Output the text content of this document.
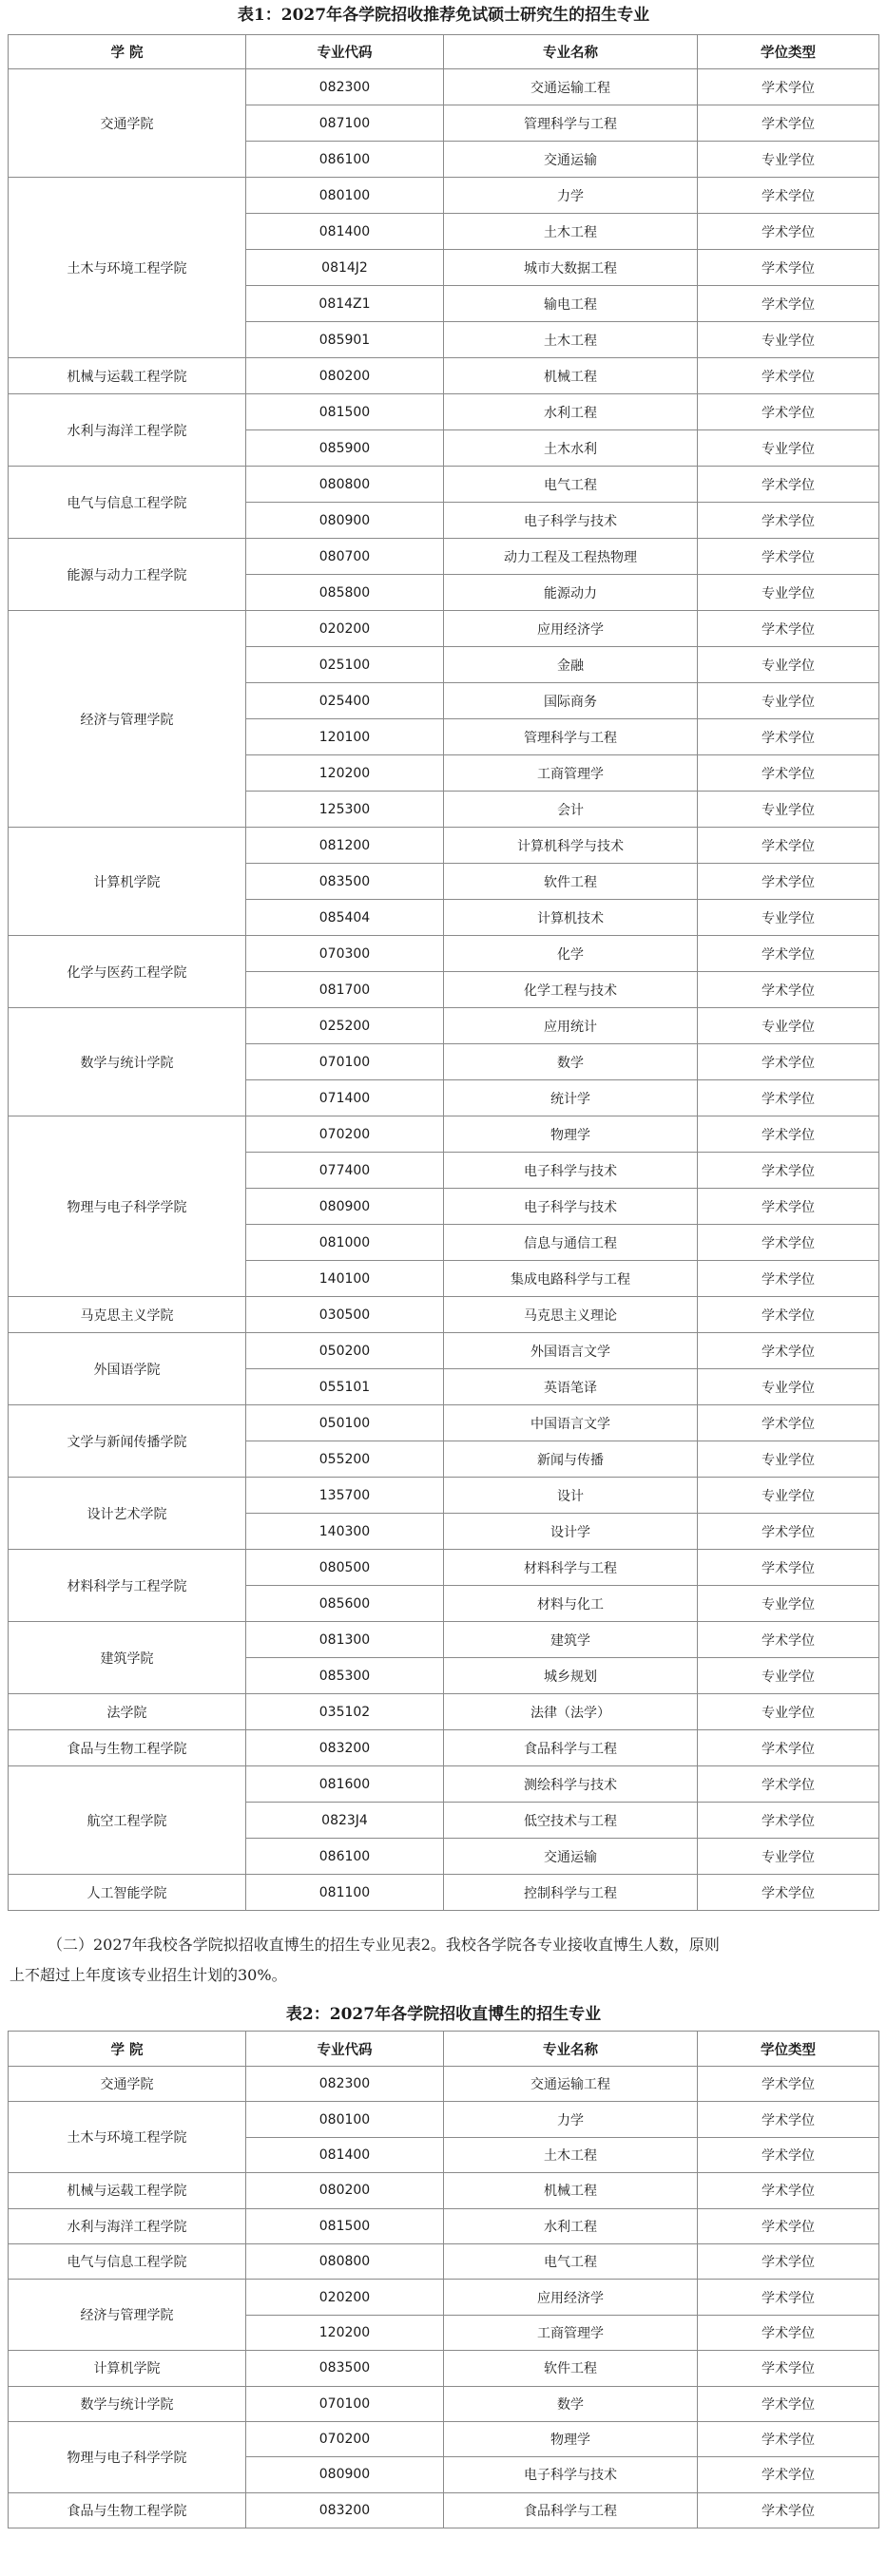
表1：2027年各学院招收推荐免试硕士研究生的招生专业
学 院	专业代码	专业名称	学位类型
交通学院	082300	交通运输工程	学术学位
	087100	管理科学与工程	学术学位
	086100	交通运输	专业学位
土木与环境工程学院	080100	力学	学术学位
	081400	土木工程	学术学位
	0814J2	城市大数据工程	学术学位
	0814Z1	输电工程	学术学位
	085901	土木工程	专业学位
机械与运载工程学院	080200	机械工程	学术学位
水利与海洋工程学院	081500	水利工程	学术学位
	085900	土木水利	专业学位
电气与信息工程学院	080800	电气工程	学术学位
	080900	电子科学与技术	学术学位
能源与动力工程学院	080700	动力工程及工程热物理	学术学位
	085800	能源动力	专业学位
经济与管理学院	020200	应用经济学	学术学位
	025100	金融	专业学位
	025400	国际商务	专业学位
	120100	管理科学与工程	学术学位
	120200	工商管理学	学术学位
	125300	会计	专业学位
计算机学院	081200	计算机科学与技术	学术学位
	083500	软件工程	学术学位
	085404	计算机技术	专业学位
化学与医药工程学院	070300	化学	学术学位
	081700	化学工程与技术	学术学位
数学与统计学院	025200	应用统计	专业学位
	070100	数学	学术学位
	071400	统计学	学术学位
物理与电子科学学院	070200	物理学	学术学位
	077400	电子科学与技术	学术学位
	080900	电子科学与技术	学术学位
	081000	信息与通信工程	学术学位
	140100	集成电路科学与工程	学术学位
马克思主义学院	030500	马克思主义理论	学术学位
外国语学院	050200	外国语言文学	学术学位
	055101	英语笔译	专业学位
文学与新闻传播学院	050100	中国语言文学	学术学位
	055200	新闻与传播	专业学位
设计艺术学院	135700	设计	专业学位
	140300	设计学	学术学位
材料科学与工程学院	080500	材料科学与工程	学术学位
	085600	材料与化工	专业学位
建筑学院	081300	建筑学	学术学位
	085300	城乡规划	专业学位
法学院	035102	法律（法学）	专业学位
食品与生物工程学院	083200	食品科学与工程	学术学位
航空工程学院	081600	测绘科学与技术	学术学位
	0823J4	低空技术与工程	学术学位
	086100	交通运输	专业学位
人工智能学院	081100	控制科学与工程	学术学位
（二）2027年我校各学院拟招收直博生的招生专业见表2。我校各学院各专业接收直博生人数，原则
上不超过上年度该专业招生计划的30%。
表2：2027年各学院招收直博生的招生专业
学 院	专业代码	专业名称	学位类型
交通学院	082300	交通运输工程	学术学位
土木与环境工程学院	080100	力学	学术学位
	081400	土木工程	学术学位
机械与运载工程学院	080200	机械工程	学术学位
水利与海洋工程学院	081500	水利工程	学术学位
电气与信息工程学院	080800	电气工程	学术学位
经济与管理学院	020200	应用经济学	学术学位
	120200	工商管理学	学术学位
计算机学院	083500	软件工程	学术学位
数学与统计学院	070100	数学	学术学位
物理与电子科学学院	070200	物理学	学术学位
	080900	电子科学与技术	学术学位
食品与生物工程学院	083200	食品科学与工程	学术学位
